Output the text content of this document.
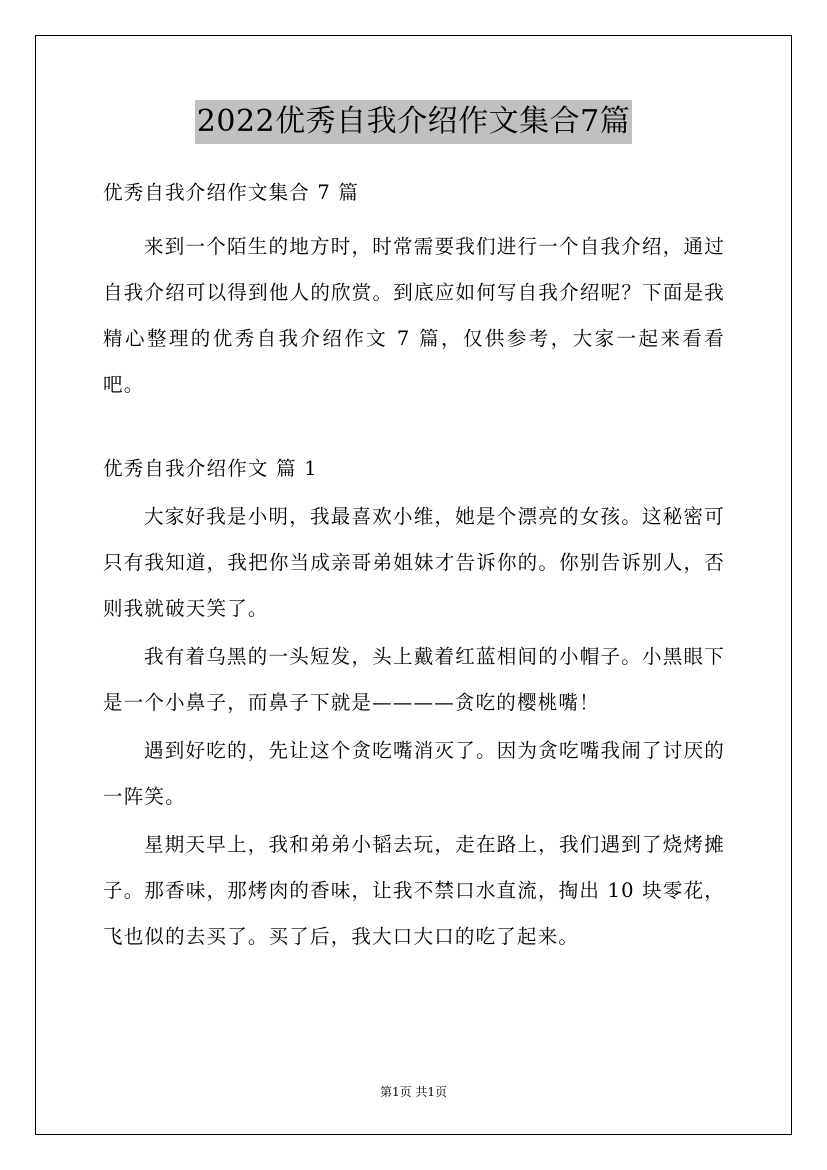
2022优秀自我介绍作文集合7篇

优秀自我介绍作文集合 7 篇

来到一个陌生的地方时，时常需要我们进行一个自我介绍，通过自我介绍可以得到他人的欣赏。到底应如何写自我介绍呢？下面是我精心整理的优秀自我介绍作文 7 篇，仅供参考，大家一起来看看吧。

优秀自我介绍作文 篇 1

大家好我是小明，我最喜欢小维，她是个漂亮的女孩。这秘密可只有我知道，我把你当成亲哥弟姐妹才告诉你的。你别告诉别人，否则我就破天笑了。

我有着乌黑的一头短发，头上戴着红蓝相间的小帽子。小黑眼下是一个小鼻子，而鼻子下就是————贪吃的樱桃嘴！

遇到好吃的，先让这个贪吃嘴消灭了。因为贪吃嘴我闹了讨厌的一阵笑。

星期天早上，我和弟弟小韬去玩，走在路上，我们遇到了烧烤摊子。那香味，那烤肉的香味，让我不禁口水直流，掏出 10 块零花，飞也似的去买了。买了后，我大口大口的吃了起来。

第1页 共1页
